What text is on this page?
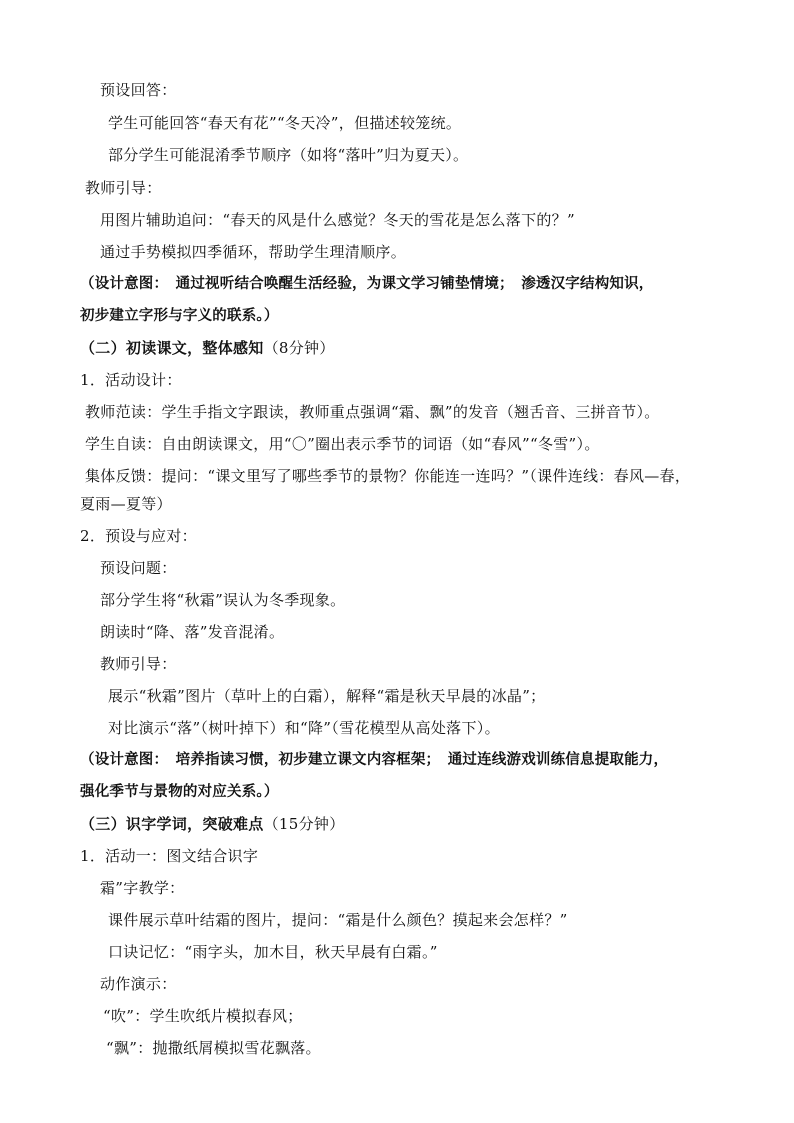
预设回答：
学生可能回答“春天有花”“冬天冷”，但描述较笼统。
部分学生可能混淆季节顺序（如将“落叶”归为夏天）。
教师引导：
用图片辅助追问：“春天的风是什么感觉？冬天的雪花是怎么落下的？”
通过手势模拟四季循环，帮助学生理清顺序。
（设计意图：　通过视听结合唤醒生活经验，为课文学习铺垫情境；　渗透汉字结构知识，
初步建立字形与字义的联系。）
（二）初读课文，整体感知（8分钟）
1．活动设计：
教师范读：学生手指文字跟读，教师重点强调“霜、飘”的发音（翘舌音、三拼音节）。
学生自读：自由朗读课文，用“〇”圈出表示季节的词语（如“春风”“冬雪”）。
集体反馈：提问：“课文里写了哪些季节的景物？你能连一连吗？”（课件连线：春风—春，
夏雨—夏等）
2．预设与应对：
预设问题：
部分学生将“秋霜”误认为冬季现象。
朗读时“降、落”发音混淆。
教师引导：
展示“秋霜”图片（草叶上的白霜），解释“霜是秋天早晨的冰晶”；
对比演示“落”（树叶掉下）和“降”（雪花模型从高处落下）。
（设计意图：　培养指读习惯，初步建立课文内容框架；　通过连线游戏训练信息提取能力，
强化季节与景物的对应关系。）
（三）识字学词，突破难点（15分钟）
1．活动一：图文结合识字
霜”字教学：
课件展示草叶结霜的图片，提问：“霜是什么颜色？摸起来会怎样？”
口诀记忆：“雨字头，加木目，秋天早晨有白霜。”
动作演示：
“吹”：学生吹纸片模拟春风；
“飘”：抛撒纸屑模拟雪花飘落。
